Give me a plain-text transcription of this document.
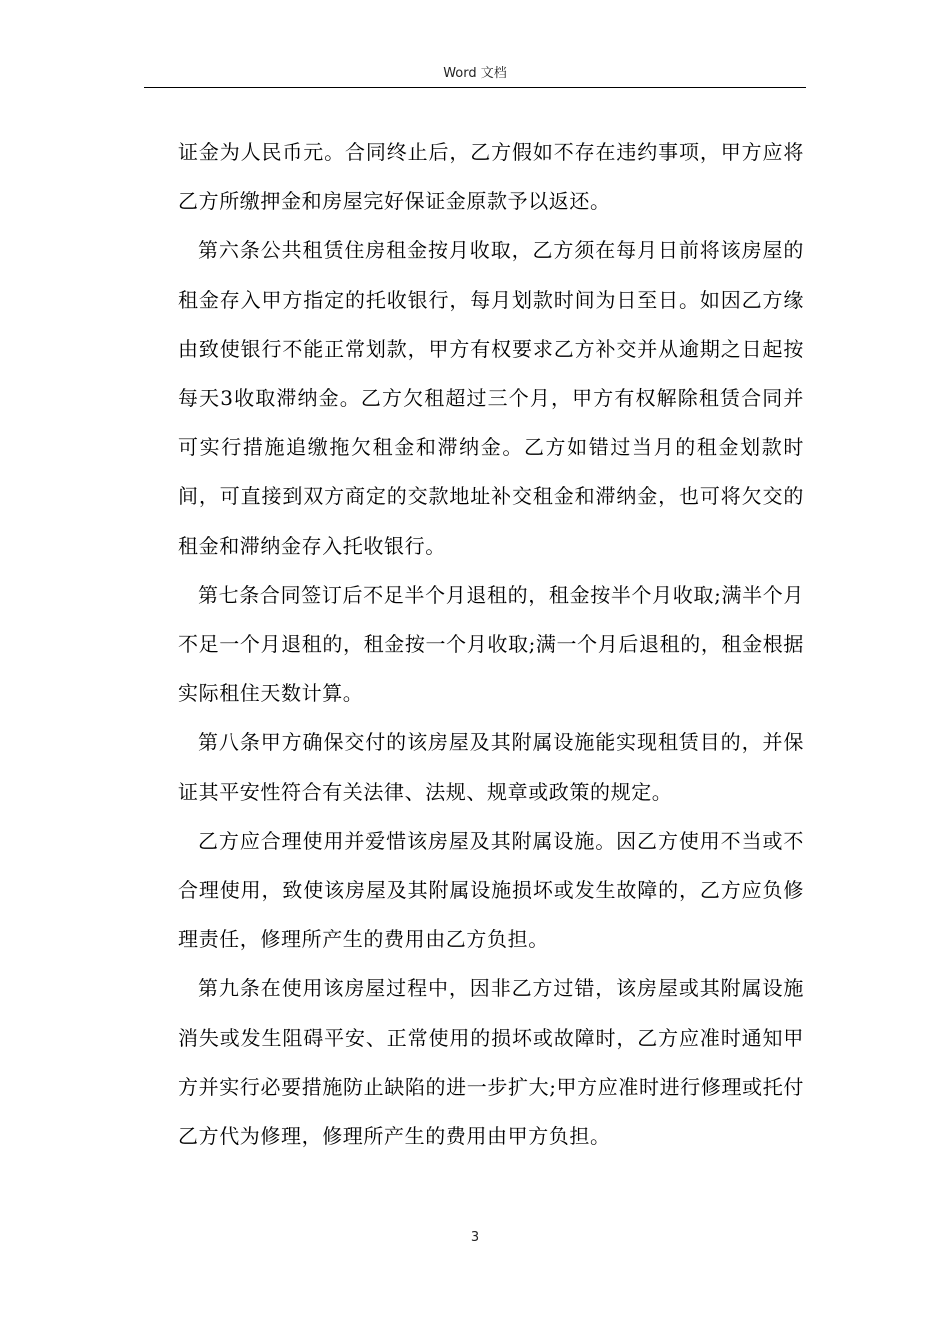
Word 文档

证金为人民币元。合同终止后，乙方假如不存在违约事项，甲方应将乙方所缴押金和房屋完好保证金原款予以返还。

第六条公共租赁住房租金按月收取，乙方须在每月日前将该房屋的租金存入甲方指定的托收银行，每月划款时间为日至日。如因乙方缘由致使银行不能正常划款，甲方有权要求乙方补交并从逾期之日起按每天3收取滞纳金。乙方欠租超过三个月，甲方有权解除租赁合同并可实行措施追缴拖欠租金和滞纳金。乙方如错过当月的租金划款时间，可直接到双方商定的交款地址补交租金和滞纳金，也可将欠交的租金和滞纳金存入托收银行。

第七条合同签订后不足半个月退租的，租金按半个月收取;满半个月不足一个月退租的，租金按一个月收取;满一个月后退租的，租金根据实际租住天数计算。

第八条甲方确保交付的该房屋及其附属设施能实现租赁目的，并保证其平安性符合有关法律、法规、规章或政策的规定。

乙方应合理使用并爱惜该房屋及其附属设施。因乙方使用不当或不合理使用，致使该房屋及其附属设施损坏或发生故障的，乙方应负修理责任，修理所产生的费用由乙方负担。

第九条在使用该房屋过程中，因非乙方过错，该房屋或其附属设施消失或发生阻碍平安、正常使用的损坏或故障时，乙方应准时通知甲方并实行必要措施防止缺陷的进一步扩大;甲方应准时进行修理或托付乙方代为修理，修理所产生的费用由甲方负担。

3
